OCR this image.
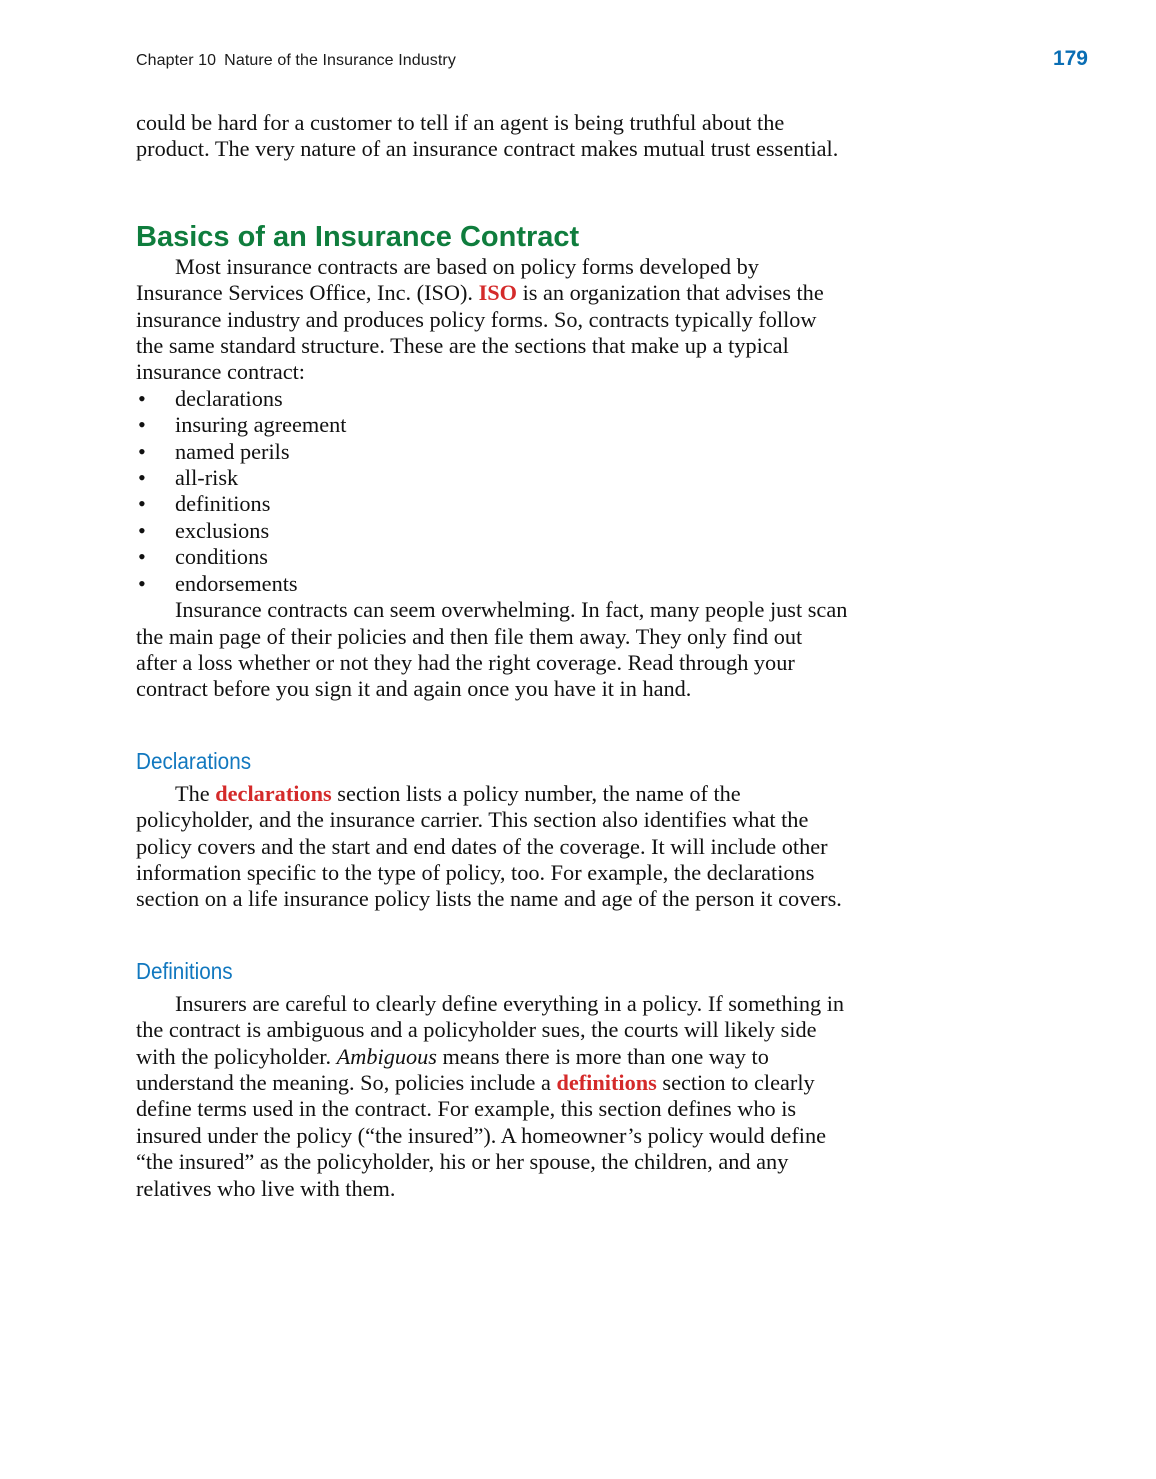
Chapter 10 Nature of the Insurance Industry	179

could be hard for a customer to tell if an agent is being truthful about the product. The very nature of an insurance contract makes mutual trust essential.

Basics of an Insurance Contract

Most insurance contracts are based on policy forms developed by Insurance Services Office, Inc. (ISO). ISO is an organization that advises the insurance industry and produces policy forms. So, contracts typically follow the same standard structure. These are the sections that make up a typical insurance contract:

• declarations
• insuring agreement
• named perils
• all-risk
• definitions
• exclusions
• conditions
• endorsements

Insurance contracts can seem overwhelming. In fact, many people just scan the main page of their policies and then file them away. They only find out after a loss whether or not they had the right coverage. Read through your contract before you sign it and again once you have it in hand.

Declarations

The declarations section lists a policy number, the name of the policyholder, and the insurance carrier. This section also identifies what the policy covers and the start and end dates of the coverage. It will include other information specific to the type of policy, too. For example, the declarations section on a life insurance policy lists the name and age of the person it covers.

Definitions

Insurers are careful to clearly define everything in a policy. If something in the contract is ambiguous and a policyholder sues, the courts will likely side with the policyholder. Ambiguous means there is more than one way to understand the meaning. So, policies include a definitions section to clearly define terms used in the contract. For example, this section defines who is insured under the policy (“the insured”). A homeowner’s policy would define “the insured” as the policyholder, his or her spouse, the children, and any relatives who live with them.
